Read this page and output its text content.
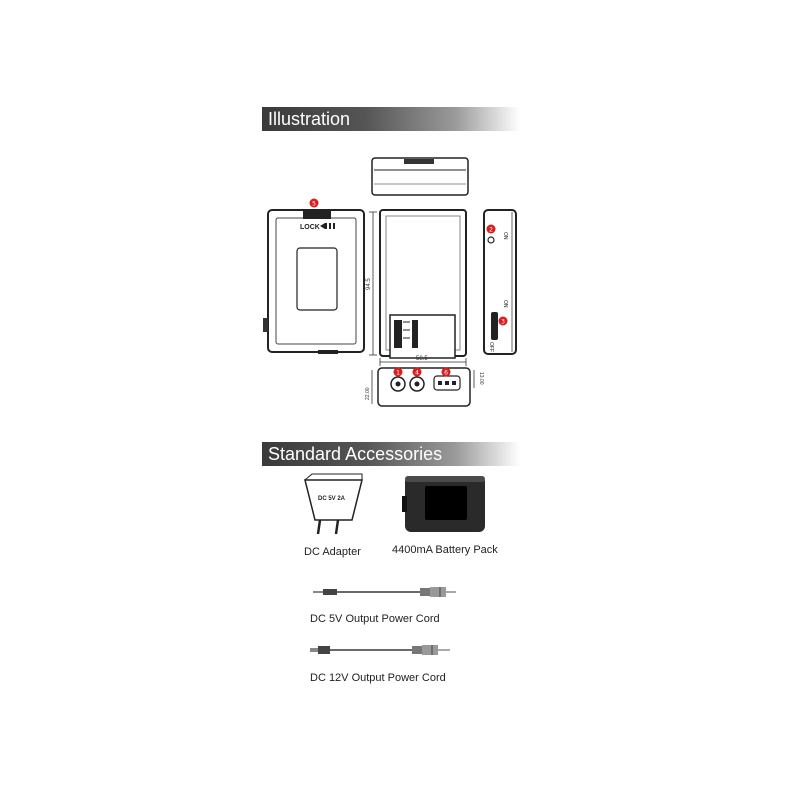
Illustration
Standard Accessories
LOCK
94.5
58.5
ON
ON
OFF
22.00
13.00
5
2
3
1	4	6
DC 5V 2A
DC Adapter	4400mA Battery Pack
DC 5V Output Power Cord
DC 12V Output Power Cord
